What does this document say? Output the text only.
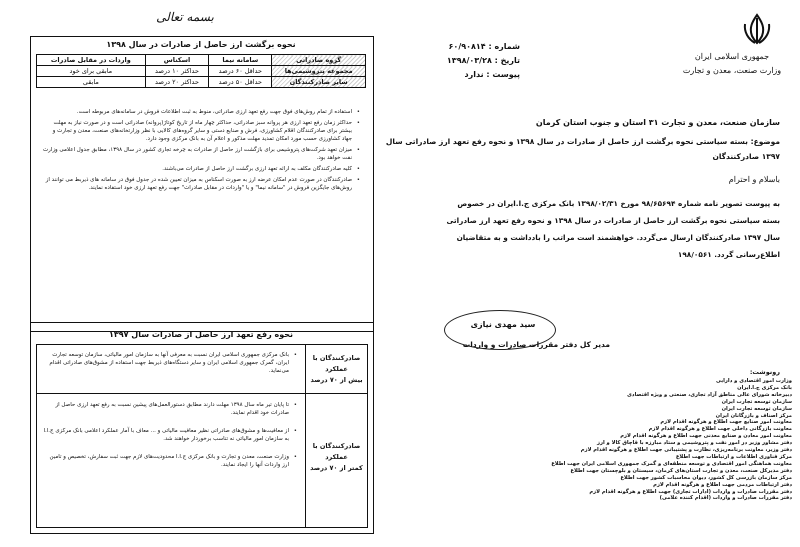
بسمه تعالی
نحوه برگشت ارز حاصل از صادرات در سال ۱۳۹۸
واردات در مقابل صادرات	اسکناس	سامانه نیما	گروه صادراتی
مابقی برای خود	حداکثر ۱۰ درصد	حداقل ۶۰ درصد	مجموعه پتروشیمی‌ها
مابقی	حداکثر ۲۰ درصد	حداقل ۵۰ درصد	سایر صادرکنندگان
• استفاده از تمام روش‌های فوق جهت رفع تعهد ارزی صادراتی، منوط به ثبت اطلاعات فروش در سامانه‌های مربوطه است.
• حداکثر زمان رفع تعهد ارزی هر پروانه سبز صادراتی، حداکثر چهار ماه از تاریخ کوتاژ(پروانه) صادراتی است و در صورت نیاز به مهلت بیشتر برای صادرکنندگان اقلام کشاورزی، فرش و صنایع دستی و سایر گروه‌های کالایی با نظر وزارتخانه‌های صنعت، معدن و تجارت و جهاد کشاورزی حسب مورد امکان تمدید مهلت مذکور و اعلام آن به بانک مرکزی وجود دارد.
• میزان تعهد شرکت‌های پتروشیمی برای بازگشت ارز حاصل از صادرات به چرخه تجاری کشور در سال ۱۳۹۸، مطابق جدول اعلامی وزارت نفت خواهد بود.
• کلیه صادرکنندگان مکلف به ارائه تعهد ارزی برگشت ارز حاصل از صادرات می‌باشند.
• صادرکنندگان در صورت عدم امکان عرضه ارز به صورت اسکناس به میزان تعیین شده در جدول فوق در سامانه های ذیربط می توانند از روش‌های جایگزین فروش در "سامانه نیما" و یا "واردات در مقابل صادرات" جهت رفع تعهد ارزی خود استفاده نمایند.
نحوه رفع تعهد ارز حاصل از صادرات سال ۱۳۹۷
صادرکنندگان با عملکرد
بیش از ۷۰ درصد
• بانک مرکزی جمهوری اسلامی ایران نسبت به معرفی آنها به سازمان امور مالیاتی، سازمان توسعه تجارت ایران، گمرک جمهوری اسلامی ایران و سایر دستگاه‌های ذیربط جهت استفاده از مشوق‌های صادراتی اقدام می‌نماید.
صادرکنندگان با عملکرد
کمتر از ۷۰ درصد
• تا پایان تیر ماه سال ۱۳۹۸ مهلت دارند مطابق دستورالعمل‌های پیشین نسبت به رفع تعهد ارزی حاصل از صادرات خود اقدام نمایند.
• از معافیت‌ها و مشوق‌های صادراتی نظیر معافیت مالیاتی و ... معاف با آمار عملکرد اعلامی بانک مرکزی ج.ا.ا به سازمان امور مالیاتی نه تناسب برخوردار خواهند شد.
• وزارت صنعت، معدن و تجارت و بانک مرکزی ج.ا.ا محدودیت‌های لازم جهت ثبت سفارش، تخصیص و تامین ارز واردات آنها را ایجاد نمایند.
جمهوری اسلامی ایران
وزارت صنعت، معدن و تجارت
شماره : ۶۰/۹۰۸۱۴
تاریخ : ۱۳۹۸/۰۳/۲۸
پیوست : ندارد
سازمان صنعت، معدن و تجارت ۳۱ استان و جنوب استان کرمان
موضوع: بسته سیاستی نحوه برگشت ارز حاصل از صادرات در سال ۱۳۹۸ و نحوه رفع تعهد ارز صادراتی سال
۱۳۹۷ صادرکنندگان
باسلام و احترام
به پیوست تصویر نامه شماره ۹۸/۶۵۶۹۴ مورخ ۱۳۹۸/۰۲/۳۱ بانک مرکزی ج.ا.ایران در خصوص
بسته سیاستی نحوه برگشت ارز حاصل از صادرات در سال ۱۳۹۸ و نحوه رفع تعهد ارز صادراتی
سال ۱۳۹۷ صادرکنندگان ارسال می‌گردد. خواهشمند است مراتب را بادداشت و به متقاضیان
اطلاع‌رسانی گردد. ۱۹۸/۰۵۶۱
سید مهدی نیازی
مدیر کل دفتر مقررات صادرات و واردات
رونوشت:
وزارت امور اقتصادی و دارایی
بانک مرکزی ج.ا.ایران
دبیرخانه شورای عالی مناطق آزاد تجاری، صنعتی و ویژه اقتصادی
سازمان توسعه تجارت ایران
سازمان توسعه تجارت ایران
مرکز اصناف و بازرگانان ایران
معاونت امور صنایع جهت اطلاع و هرگونه اقدام لازم
معاونت بازرگانی داخلی جهت اطلاع و هرگونه اقدام لازم
معاونت امور معادن و صنایع معدنی جهت اطلاع و هرگونه اقدام لازم
دفتر مشاور وزیر در امور نفت و پتروشیمی و ستاد مبارزه با قاچاق کالا و ارز
دفتر وزیر، معاونت برنامه‌ریزی، نظارت و پشتیبانی جهت اطلاع و هرگونه اقدام لازم
مرکز فناوری اطلاعات و ارتباطات جهت اطلاع
معاونت هماهنگی امور اقتصادی و توسعه منطقه‌ای و گمرک جمهوری اسلامی ایران جهت اطلاع
دفتر مدیرکل صنعت، معدن و تجارت استان‌های کرمان، سیستان و بلوچستان جهت اطلاع
مرکز سازمان بازرسی کل کشور، دیوان محاسبات کشور جهت اطلاع
دفتر ارتباطات مردمی جهت اطلاع و هرگونه اقدام لازم
دفتر مقررات صادرات و واردات (ادارات تجاری) جهت اطلاع و هرگونه اقدام لازم
دفتر مقررات صادرات و واردات (اقدام کننده علامی)
